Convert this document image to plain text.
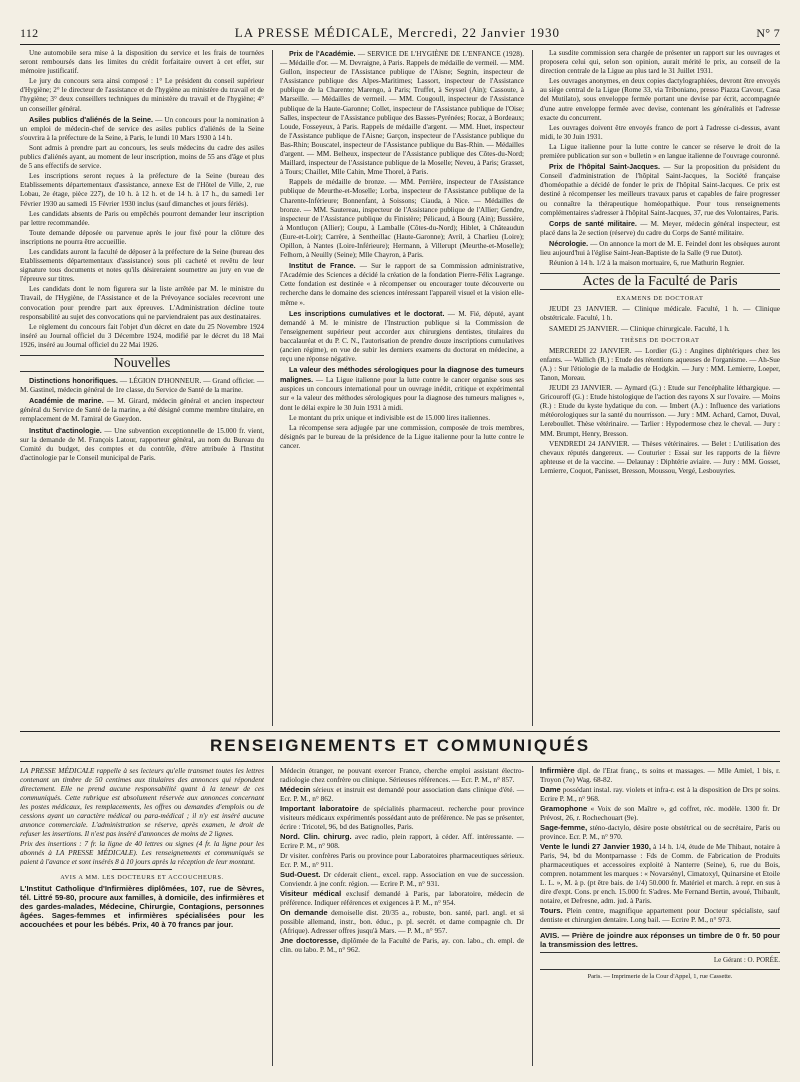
112	LA PRESSE MÉDICALE, Mercredi, 22 Janvier 1930	N° 7

Une automobile sera mise à la disposition du service et les frais de tournées seront remboursés dans les limites du crédit forfaitaire ouvert à cet effet, sur mémoire justificatif.

Le jury du concours sera ainsi composé : 1° Le président du conseil supérieur d'Hygiène; 2° le directeur de l'assistance et de l'hygiène au ministère du travail et de l'hygiène; 3° deux conseillers techniques du ministère du travail et de l'hygiène; 4° un conseiller général.

Asiles publics d'aliénés de la Seine. — Un concours pour la nomination à un emploi de médecin-chef de service des asiles publics d'aliénés de la Seine s'ouvrira à la préfecture de la Seine, à Paris, le lundi 10 Mars 1930 à 14 h.

Sont admis à prendre part au concours, les seuls médecins du cadre des asiles publics d'aliénés ayant, au moment de leur inscription, moins de 55 ans d'âge et plus de 5 ans effectifs de service.

Les inscriptions seront reçues à la préfecture de la Seine (bureau des Etablissements départementaux d'assistance, annexe Est de l'Hôtel de Ville, 2, rue Lobau, 2e étage, pièce 227), de 10 h. à 12 h. et de 14 h. à 17 h., du samedi 1er Février 1930 au samedi 15 Février 1930 inclus (sauf dimanches et jours fériés).

Les candidats absents de Paris ou empêchés pourront demander leur inscription par lettre recommandée.

Toute demande déposée ou parvenue après le jour fixé pour la clôture des inscriptions ne pourra être accueillie.

Les candidats auront la faculté de déposer à la préfecture de la Seine (bureau des Etablissements départementaux d'assistance) sous pli cacheté et revêtu de leur signature tous documents et notes qu'ils désireraient soumettre au jury en vue de l'épreuve sur titres.

Les candidats dont le nom figurera sur la liste arrêtée par M. le ministre du Travail, de l'Hygiène, de l'Assistance et de la Prévoyance sociales recevront une convocation pour prendre part aux épreuves. L'Administration décline toute responsabilité au sujet des convocations qui ne parviendraient pas aux destinataires.

Le règlement du concours fait l'objet d'un décret en date du 25 Novembre 1924 inséré au Journal officiel du 3 Décembre 1924, modifié par le décret du 18 Mai 1926, inséré au Journal officiel du 22 Mai 1926.

Nouvelles

Distinctions honorifiques. — LÉGION D'HONNEUR. — Grand officier. — M. Gastinel, médecin général de 1re classe, du Service de Santé de la marine.

Académie de marine. — M. Girard, médecin général et ancien inspecteur général du Service de Santé de la marine, a été désigné comme membre titulaire, en remplacement de M. l'amiral de Gueydon.

Institut d'actinologie. — Une subvention exceptionnelle de 15.000 fr. vient, sur la demande de M. François Latour, rapporteur général, au nom du Bureau du Comité du budget, des comptes et du contrôle, d'être attribuée à l'Institut d'actinologie par le Conseil municipal de Paris.

Prix de l'Académie. — SERVICE DE L'HYGIÈNE DE L'ENFANCE (1928). — Médaille d'or. — M. Devraigne, à Paris. Rappels de médaille de vermeil. — MM. Gullon, inspecteur de l'Assistance publique de l'Aisne; Segnin, inspecteur de l'Assistance publique des Alpes-Maritimes; Lassort, inspecteur de l'Assistance publique de la Charente; Marengo, à Paris; Truffet, à Seyssel (Ain); Cassoute, à Marseille. — Médailles de vermeil. — MM. Cougoull, inspecteur de l'Assistance publique de la Haute-Garonne; Collet, inspecteur de l'Assistance publique de l'Oise; Salles, inspecteur de l'Assistance publique des Basses-Pyrénées; Rocaz, à Bordeaux; Loude, Fosseyeux, à Paris. Rappels de médaille d'argent. — MM. Huet, inspecteur de l'Assistance publique de l'Aisne; Garçon, inspecteur de l'Assistance publique du Bas-Rhin; Bouscatel, inspecteur de l'Assistance publique du Bas-Rhin. — Médailles d'argent. — MM. Belheux, inspecteur de l'Assistance publique des Côtes-du-Nord; Maillard, inspecteur de l'Assistance publique de la Moselle; Neveu, à Paris; Grasset, à Tours; Chaillet, Mlle Cahin, Mme Thorel, à Paris.

Rappels de médaille de bronze. — MM. Perrière, inspecteur de l'Assistance publique de Meurthe-et-Moselle; Lorba, inspecteur de l'Assistance publique de la Charente-Inférieure; Bonnenfant, à Soissons; Ciauda, à Nice. — Médailles de bronze. — MM. Sautereau, inspecteur de l'Assistance publique de l'Allier; Gendre, inspecteur de l'Assistance publique du Finistère; Pélicaud, à Bourg (Ain); Bussière, à Montluçon (Allier); Coupu, à Lamballe (Côtes-du-Nord); Hiblet, à Châteaudun (Eure-et-Loir); Carrère, à Sentheillac (Haute-Garonne); Avril, à Charlieu (Loire); Opillon, à Nantes (Loire-Inférieure); Hermann, à Villerupt (Meurthe-et-Moselle); Felhorn, à Neuilly (Seine); Mlle Chayron, à Paris.

Institut de France. — Sur le rapport de sa Commission administrative, l'Académie des Sciences a décidé la création de la fondation Pierre-Félix Lagrange. Cette fondation est destinée « à récompenser ou encourager toute découverte ou recherche dans le domaine des sciences intéressant l'appareil visuel et la vision elle-même ».

Les inscriptions cumulatives et le doctorat. — M. Fié, député, ayant demandé à M. le ministre de l'Instruction publique si la Commission de l'enseignement supérieur peut accorder aux chirurgiens dentistes, titulaires du baccalauréat et du P. C. N., l'autorisation de prendre douze inscriptions cumulatives (ancien régime), en vue de subir les derniers examens du doctorat en médecine, a reçu une réponse négative.

La valeur des méthodes sérologiques pour la diagnose des tumeurs malignes. — La Ligue italienne pour la lutte contre le cancer organise sous ses auspices un concours international pour un ouvrage inédit, critique et expérimental sur « la valeur des méthodes sérologiques pour la diagnose des tumeurs malignes », dont le délai expire le 30 Juin 1931 à midi.

Le montant du prix unique et indivisible est de 15.000 lires italiennes.

La récompense sera adjugée par une commission, composée de trois membres, désignés par le bureau de la présidence de la Ligue italienne pour la lutte contre le cancer.

La susdite commission sera chargée de présenter un rapport sur les ouvrages et proposera celui qui, selon son opinion, aurait mérité le prix, au conseil de la direction centrale de la Ligue au plus tard le 31 Juillet 1931.

Les ouvrages anonymes, en deux copies dactylographiées, devront être envoyés au siège central de la Ligue (Rome 33, via Triboniano, presso Piazza Cavour, Casa del Mutilato), sous enveloppe fermée portant une devise par écrit, accompagnée d'une autre enveloppe fermée avec devise, contenant les généralités et l'adresse exacte du concurrent.

Les ouvrages doivent être envoyés franco de port à l'adresse ci-dessus, avant midi, le 30 Juin 1931.

La Ligue italienne pour la lutte contre le cancer se réserve le droit de la première publication sur son « bulletin » en langue italienne de l'ouvrage couronné.

Prix de l'hôpital Saint-Jacques. — Sur la proposition du président du Conseil d'administration de l'hôpital Saint-Jacques, la Société française d'homéopathie a décidé de fonder le prix de l'hôpital Saint-Jacques. Ce prix est destiné à récompenser les meilleurs travaux parus et capables de faire progresser ou connaître la thérapeutique homéopathique. Pour tous renseignements complémentaires s'adresser à l'hôpital Saint-Jacques, 37, rue des Volontaires, Paris.

Corps de santé militaire. — M. Meyer, médecin général inspecteur, est placé dans la 2e section (réserve) du cadre du Corps de Santé militaire.

Nécrologie. — On annonce la mort de M. E. Feindel dont les obsèques auront lieu aujourd'hui à l'église Saint-Jean-Baptiste de la Salle (9 rue Dutot).

Réunion à 14 h. 1/2 à la maison mortuaire, 6, rue Mathurin Regnier.

Actes de la Faculté de Paris
EXAMENS DE DOCTORAT

JEUDI 23 JANVIER. — Clinique médicale. Faculté, 1 h. — Clinique obstétricale. Faculté, 1 h.

SAMEDI 25 JANVIER. — Clinique chirurgicale. Faculté, 1 h.

THÈSES DE DOCTORAT

MERCREDI 22 JANVIER. — Lordier (G.) : Angines diphtériques chez les enfants. — Wallich (R.) : Etude des rétentions aqueuses de l'organisme. — Ah-Sue (A.) : Sur l'étiologie de la maladie de Hodgkin. — Jury : MM. Lemierre, Loeper, Tanon, Moreau.

JEUDI 23 JANVIER. — Aymard (G.) : Etude sur l'encéphalite léthargique. — Gricouroff (G.) : Etude histologique de l'action des rayons X sur l'ovaire. — Moins (R.) : Etude du kyste hydatique du con. — Imbert (A.) : Influence des variations météorologiques sur la santé du nourrisson. — Jury : MM. Achard, Carnot, Duval, Lereboullet. Thèse vétérinaire. — Tarlier : Hypodermose chez le cheval. — Jury : MM. Brumpt, Henry, Bresson.

VENDREDI 24 JANVIER. — Thèses vétérinaires. — Belet : L'utilisation des chevaux réputés dangereux. — Couturier : Essai sur les rapports de la fièvre aphteuse et de la vaccine. — Delaunay : Diphtérie aviaire. — Jury : MM. Gosset, Lemierre, Coquot, Panisset, Bresson, Moussou, Vergé, Lesbouyries.

RENSEIGNEMENTS ET COMMUNIQUÉS

LA PRESSE MÉDICALE rappelle à ses lecteurs qu'elle transmet toutes les lettres contenant un timbre de 50 centimes aux titulaires des annonces qui répondent directement. Elle ne prend aucune responsabilité quant à la teneur de ces communiqués. Cette rubrique est absolument réservée aux annonces concernant les postes médicaux, les remplacements, les offres ou demandes d'emplois ou de cessions ayant un caractère médical ou para-médical ; il n'y est inséré aucune annonce commerciale. L'administration se réserve, après examen, le droit de refuser les insertions. Il n'est pas inséré d'annonces de moins de 2 lignes.

Prix des insertions : 7 fr. la ligne de 40 lettres ou signes (4 fr. la ligne pour les abonnés à LA PRESSE MÉDICALE). Les renseignements et communiqués se paient à l'avance et sont insérés 8 à 10 jours après la réception de leur montant.

AVIS A MM. LES DOCTEURS ET ACCOUCHEURS.

L'Institut Catholique d'Infirmières diplômées, 107, rue de Sèvres, tél. Littré 59-80, procure aux familles, à domicile, des infirmières et des gardes-malades, Médecine, Chirurgie, Contagions, personnes âgées. Sages-femmes et infirmières spécialisées pour les accouchées et pour les bébés. Prix, 40 à 70 francs par jour.

Médecin étranger, ne pouvant exercer France, cherche emploi assistant électro-radiologie chez confrère ou clinique. Sérieuses références. — Ecr. P. M., n° 857.

Médecin sérieux et instruit est demandé pour association dans clinique d'été. — Ecr. P. M., n° 862.

Important laboratoire de spécialités pharmaceut. recherche pour province visiteurs médicaux expérimentés possédant auto de préférence. Ne pas se présenter, écrire : Tricotel, 96, bd des Batignolles, Paris.

Nord. Clin. chirurg. avec radio, plein rapport, à céder. Aff. intéressante. — Ecrire P. M., n° 908.

Dr visiter. confrères Paris ou province pour Laboratoires pharmaceutiques sérieux. Ecr. P. M., n° 911.

Sud-Ouest. Dr céderait client., excel. rapp. Association en vue de succession. Conviendr. à jne confr. région. — Ecrire P. M., n° 931.

Visiteur médical exclusif demandé à Paris, par laboratoire, médecin de préférence. Indiquer références et exigences à P. M., n° 954.

On demande demoiselle dist. 20/35 a., robuste, bon. santé, parl. angl. et si possible allemand, instr., bon. éduc., p. pl. secrét. et dame compagnie ch. Dr (Afrique). Adresser offres jusqu'à Mars. — P. M., n° 957.

Jne doctoresse, diplômée de la Faculté de Paris, ay. con. labo., ch. empl. de clin. ou labo. P. M., n° 962.

Infirmière dipl. de l'Etat franç., ts soins et massages. — Mlle Amiel, 1 bis, r. Troyon (7e) Wag. 68-82.

Dame possédant instal. ray. violets et infra-r. est à la disposition de Drs pr soins. Ecrire P. M., n° 968.

Gramophone « Voix de son Maître », gd coffret, réc. modèle. 1300 fr. Dr Prévost, 26, r. Rochechouart (9e).

Sage-femme, sténo-dactylo, désire poste obstétrical ou de secrétaire, Paris ou province. Ecr. P. M., n° 970.

Vente le lundi 27 Janvier 1930, à 14 h. 1/4, étude de Me Thibaut, notaire à Paris, 94, bd du Montparnasse : Fds de Comm. de Fabrication de Produits pharmaceutiques et accessoires exploité à Nanterre (Seine), 6, rue du Bois, compren. notamment les marques : « Novarsényl, Cimatoxyl, Quinarsine et Etoile L. L. », M. à p. (pt être bais. de 1/4) 50.000 fr. Matériel et march. à repr. en sus à dire d'expt. Cons. pr ench. 15.000 fr. S'adres. Me Fernand Bertin, avoué, Thibault, notaire, et Defresne, adm. jud. à Paris.

Tours. Plein centre, magnifique appartement pour Docteur spécialiste, sauf dentiste et chirurgien dentaire. Long bail. — Ecrire P. M., n° 973.

AVIS. — Prière de joindre aux réponses un timbre de 0 fr. 50 pour la transmission des lettres.
Le Gérant : O. PORÉE.
Paris. — Imprimerie de la Cour d'Appel, 1, rue Cassette.
